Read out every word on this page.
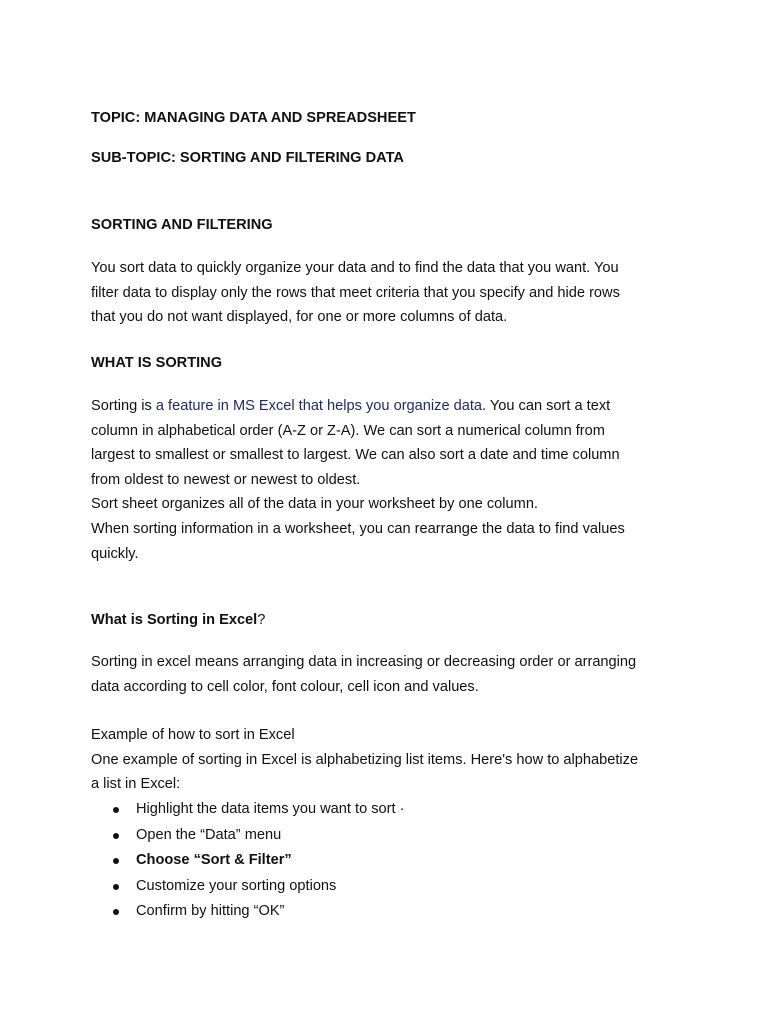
TOPIC: MANAGING DATA AND SPREADSHEET
SUB-TOPIC: SORTING AND FILTERING DATA
SORTING AND FILTERING
You sort data to quickly organize your data and to find the data that you want. You
filter data to display only the rows that meet criteria that you specify and hide rows
that you do not want displayed, for one or more columns of data.
WHAT IS SORTING
Sorting is a feature in MS Excel that helps you organize data. You can sort a text
column in alphabetical order (A-Z or Z-A). We can sort a numerical column from
largest to smallest or smallest to largest. We can also sort a date and time column
from oldest to newest or newest to oldest.
Sort sheet organizes all of the data in your worksheet by one column.
When sorting information in a worksheet, you can rearrange the data to find values
quickly.
What is Sorting in Excel?
Sorting in excel means arranging data in increasing or decreasing order or arranging
data according to cell color, font colour, cell icon and values.
Example of how to sort in Excel
One example of sorting in Excel is alphabetizing list items. Here's how to alphabetize
a list in Excel:
Highlight the data items you want to sort ·
Open the “Data” menu
Choose “Sort & Filter”
Customize your sorting options
Confirm by hitting “OK”
